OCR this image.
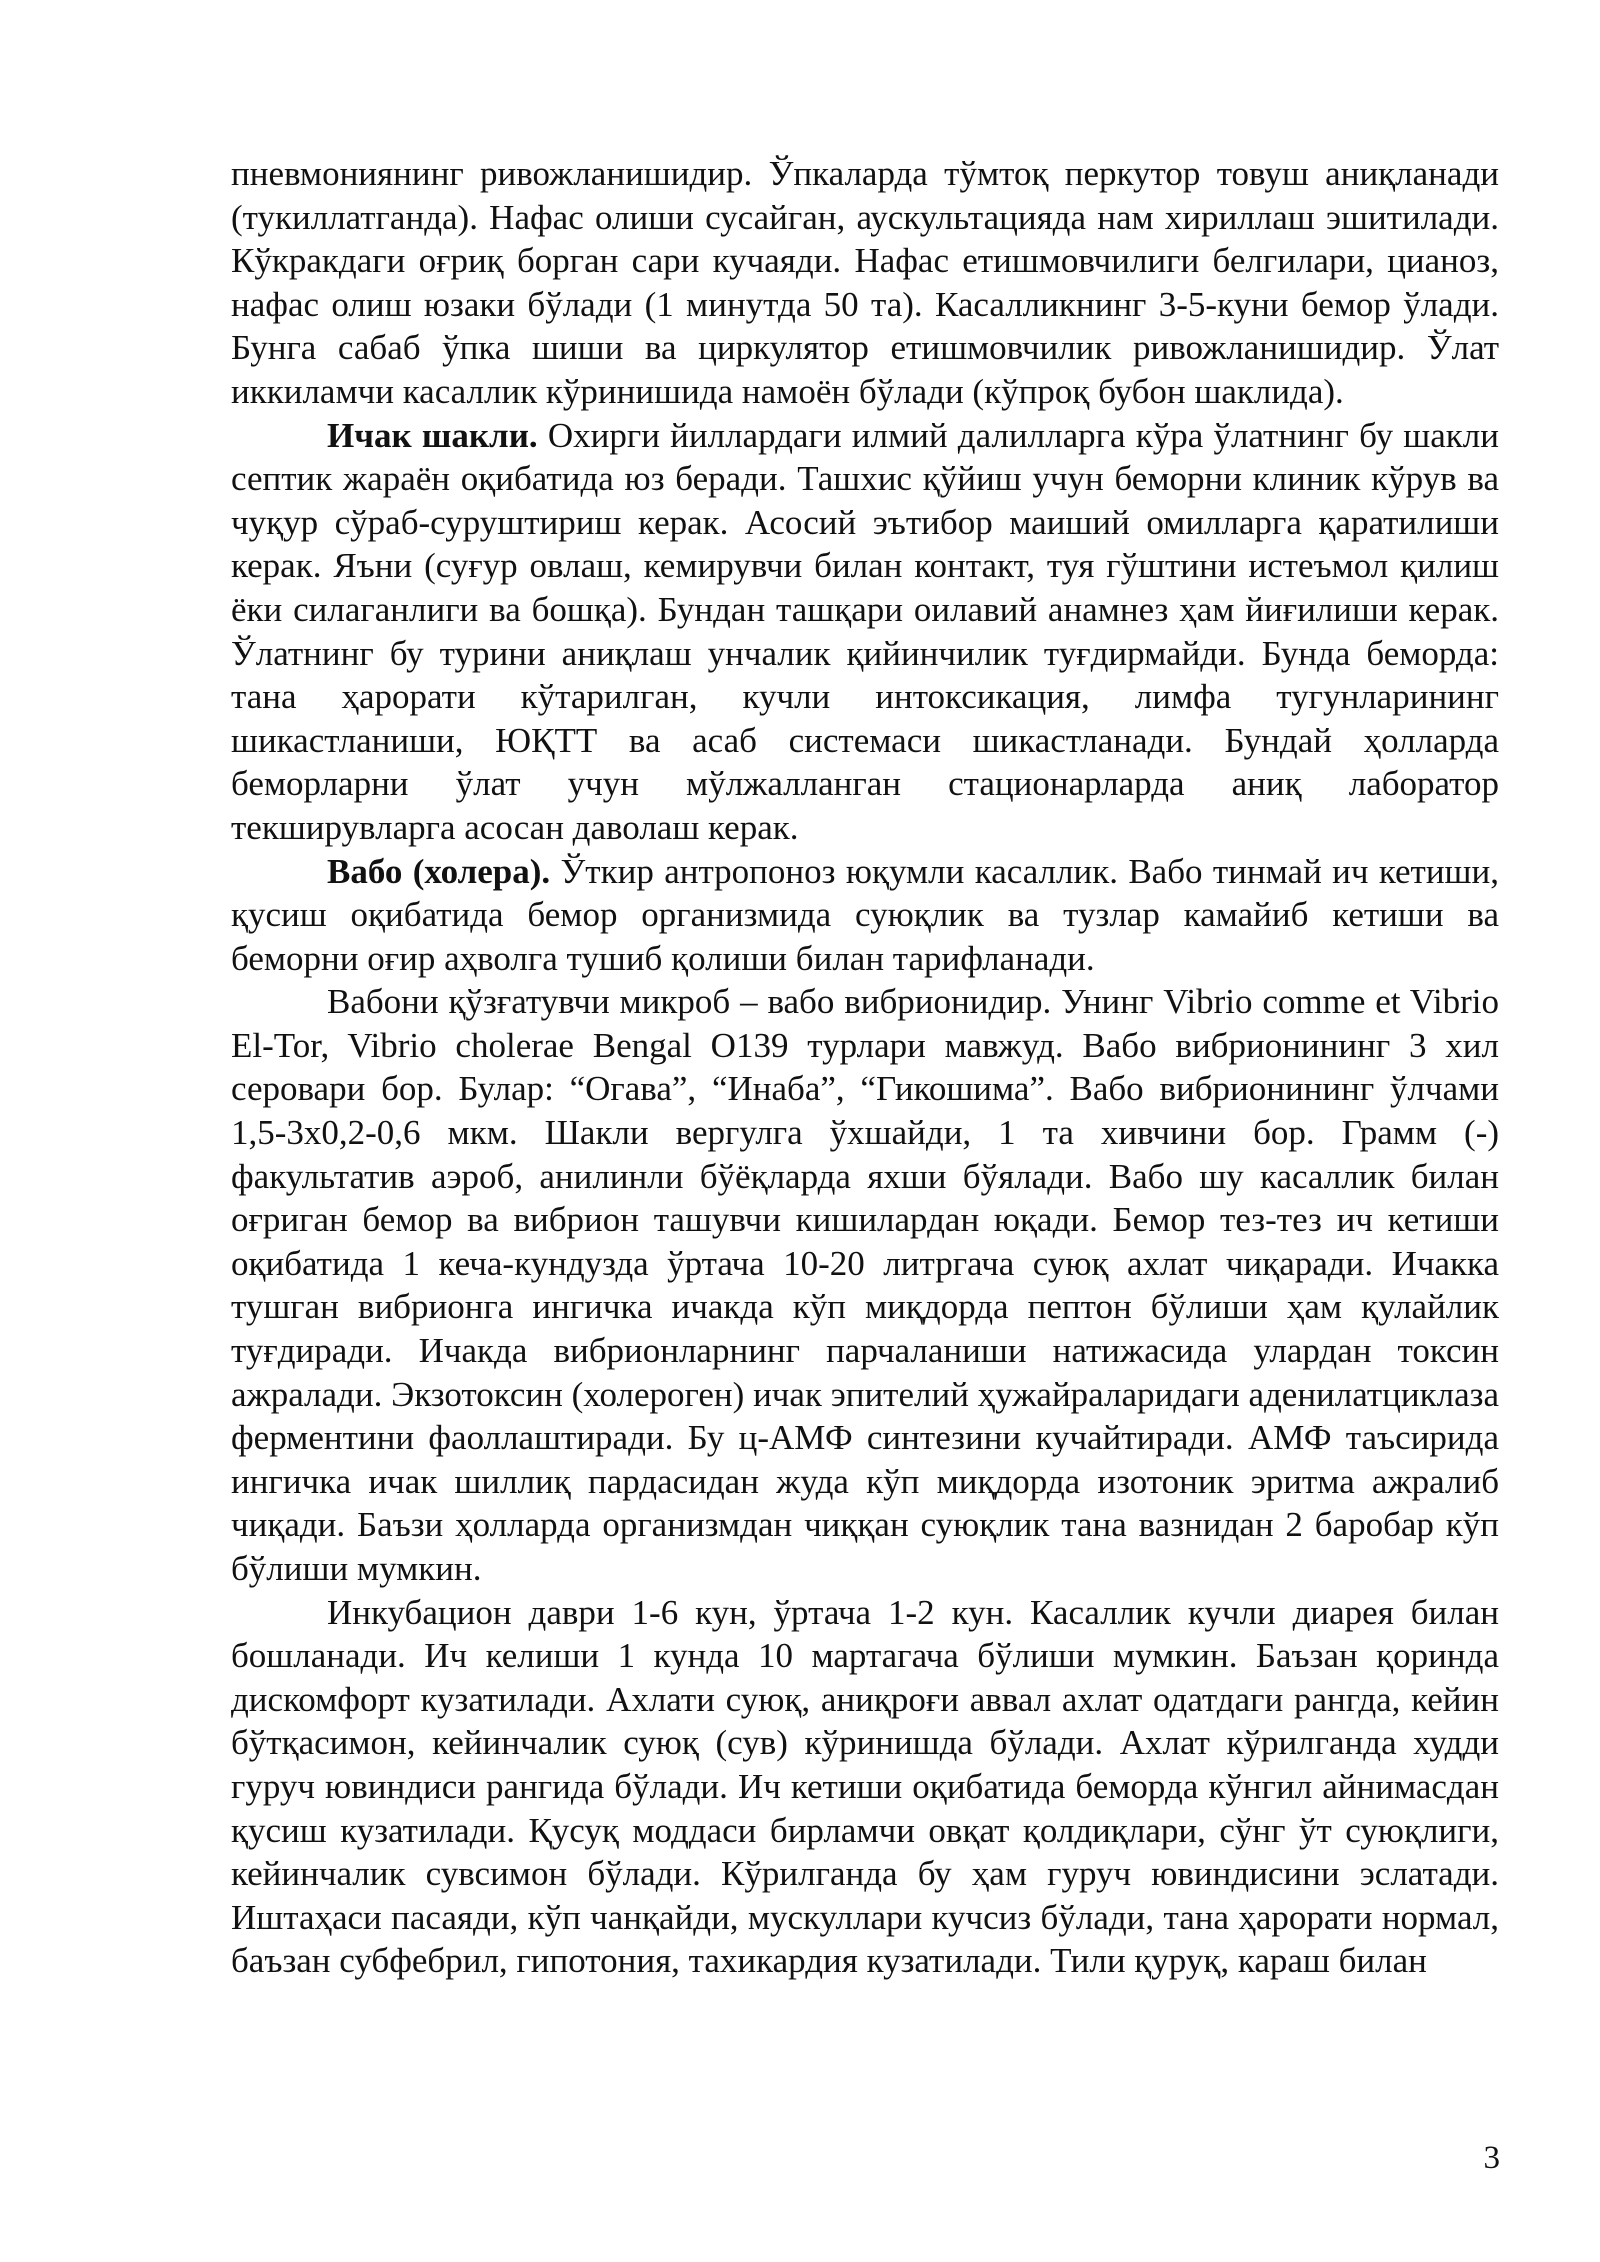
пневмониянинг ривожланишидир. Ўпкаларда тўмтоқ перкутор товуш аниқланади (тукиллатганда). Нафас олиши сусайган, аускультацияда нам хириллаш эшитилади. Кўкракдаги оғриқ борган сари кучаяди. Нафас етишмовчилиги белгилари, цианоз, нафас олиш юзаки бўлади (1 минутда 50 та). Касалликнинг 3-5-куни бемор ўлади. Бунга сабаб ўпка шиши ва циркулятор етишмовчилик ривожланишидир. Ўлат иккиламчи касаллик кўринишида намоён бўлади (кўпроқ бубон шаклида).

Ичак шакли. Охирги йиллардаги илмий далилларга кўра ўлатнинг бу шакли септик жараён оқибатида юз беради. Ташхис қўйиш учун беморни клиник кўрув ва чуқур сўраб-суруштириш керак. Асосий эътибор маиший омилларга қаратилиши керак. Яъни (суғур овлаш, кемирувчи билан контакт, туя гўштини истеъмол қилиш ёки силаганлиги ва бошқа). Бундан ташқари оилавий анамнез ҳам йиғилиши керак. Ўлатнинг бу турини аниқлаш унчалик қийинчилик туғдирмайди. Бунда беморда: тана ҳарорати кўтарилган, кучли интоксикация, лимфа тугунларининг шикастланиши, ЮҚТТ ва асаб системаси шикастланади. Бундай ҳолларда беморларни ўлат учун мўлжалланган стационарларда аниқ лаборатор текширувларга асосан даволаш керак.

Вабо (холера). Ўткир антропоноз юқумли касаллик. Вабо тинмай ич кетиши, қусиш оқибатида бемор организмида суюқлик ва тузлар камайиб кетиши ва беморни оғир аҳволга тушиб қолиши билан тарифланади.

Вабони қўзғатувчи микроб – вабо вибрионидир. Унинг Vibrio comme et Vibrio El-Tor, Vibrio cholerae Bengal O139 турлари мавжуд. Вабо вибрионининг 3 хил серовари бор. Булар: “Огава”, “Инаба”, “Гикошима”. Вабо вибрионининг ўлчами 1,5-3х0,2-0,6 мкм. Шакли вергулга ўхшайди, 1 та хивчини бор. Грамм (-) факультатив аэроб, анилинли бўёқларда яхши бўялади. Вабо шу касаллик билан оғриган бемор ва вибрион ташувчи кишилардан юқади. Бемор тез-тез ич кетиши оқибатида 1 кеча-кундузда ўртача 10-20 литргача суюқ ахлат чиқаради. Ичакка тушган вибрионга ингичка ичакда кўп миқдорда пептон бўлиши ҳам қулайлик туғдиради. Ичакда вибрионларнинг парчаланиши натижасида улардан токсин ажралади. Экзотоксин (холероген) ичак эпителий ҳужайраларидаги аденилатциклаза ферментини фаоллаштиради. Бу ц-АМФ синтезини кучайтиради. АМФ таъсирида ингичка ичак шиллиқ пардасидан жуда кўп миқдорда изотоник эритма ажралиб чиқади. Баъзи ҳолларда организмдан чиққан суюқлик тана вазнидан 2 баробар кўп бўлиши мумкин.

Инкубацион даври 1-6 кун, ўртача 1-2 кун. Касаллик кучли диарея билан бошланади. Ич келиши 1 кунда 10 мартагача бўлиши мумкин. Баъзан қоринда дискомфорт кузатилади. Ахлати суюқ, аниқроғи аввал ахлат одатдаги рангда, кейин бўтқасимон, кейинчалик суюқ (сув) кўринишда бўлади. Ахлат кўрилганда худди гуруч ювиндиси рангида бўлади. Ич кетиши оқибатида беморда кўнгил айнимасдан қусиш кузатилади. Қусуқ моддаси бирламчи овқат қолдиқлари, сўнг ўт суюқлиги, кейинчалик сувсимон бўлади. Кўрилганда бу ҳам гуруч ювиндисини эслатади. Иштаҳаси пасаяди, кўп чанқайди, мускуллари кучсиз бўлади, тана ҳарорати нормал, баъзан субфебрил, гипотония, тахикардия кузатилади. Тили қуруқ, караш билан

3
